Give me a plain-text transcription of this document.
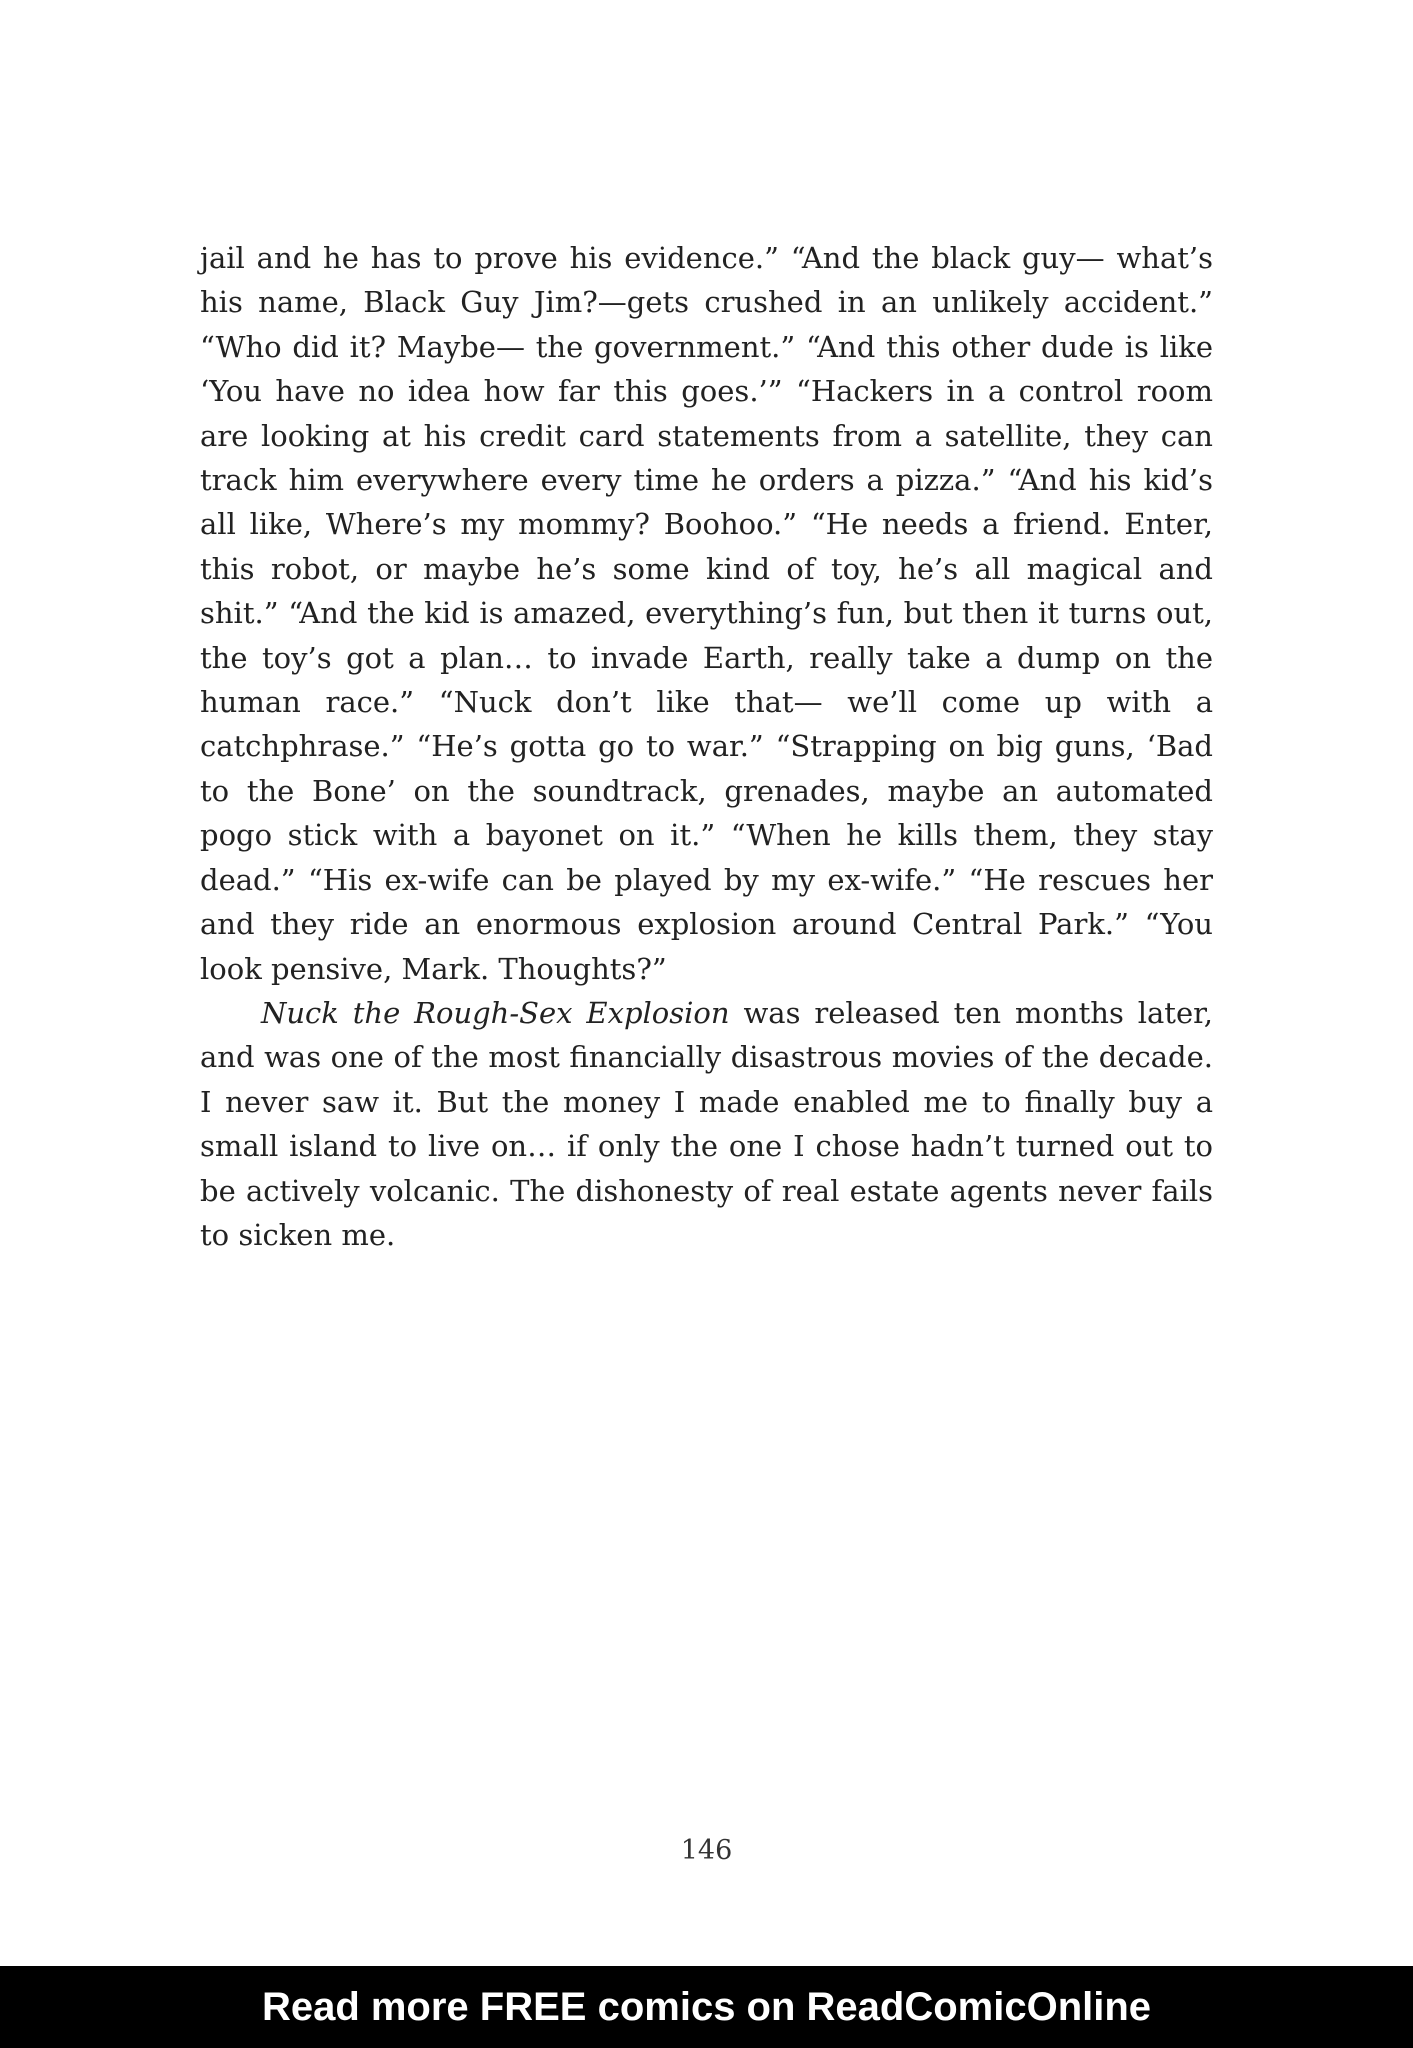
jail and he has to prove his evidence.” “And the black guy— what’s his name, Black Guy Jim?—gets crushed in an unlikely accident.” “Who did it? Maybe— the government.” “And this other dude is like ‘You have no idea how far this goes.’” “Hackers in a control room are looking at his credit card statements from a satellite, they can track him everywhere every time he orders a pizza.” “And his kid’s all like, Where’s my mommy? Boohoo.” “He needs a friend. Enter, this robot, or maybe he’s some kind of toy, he’s all magical and shit.” “And the kid is amazed, everything’s fun, but then it turns out, the toy’s got a plan… to invade Earth, really take a dump on the human race.” “Nuck don’t like that— we’ll come up with a catchphrase.” “He’s gotta go to war.” “Strapping on big guns, ‘Bad to the Bone’ on the soundtrack, grenades, maybe an automated pogo stick with a bayonet on it.” “When he kills them, they stay dead.” “His ex-wife can be played by my ex-wife.” “He rescues her and they ride an enormous explosion around Central Park.” “You look pensive, Mark. Thoughts?”

Nuck the Rough-Sex Explosion was released ten months later, and was one of the most financially disastrous movies of the decade. I never saw it. But the money I made enabled me to finally buy a small island to live on… if only the one I chose hadn’t turned out to be actively volcanic. The dishonesty of real estate agents never fails to sicken me.

146
Read more FREE comics on ReadComicOnline
